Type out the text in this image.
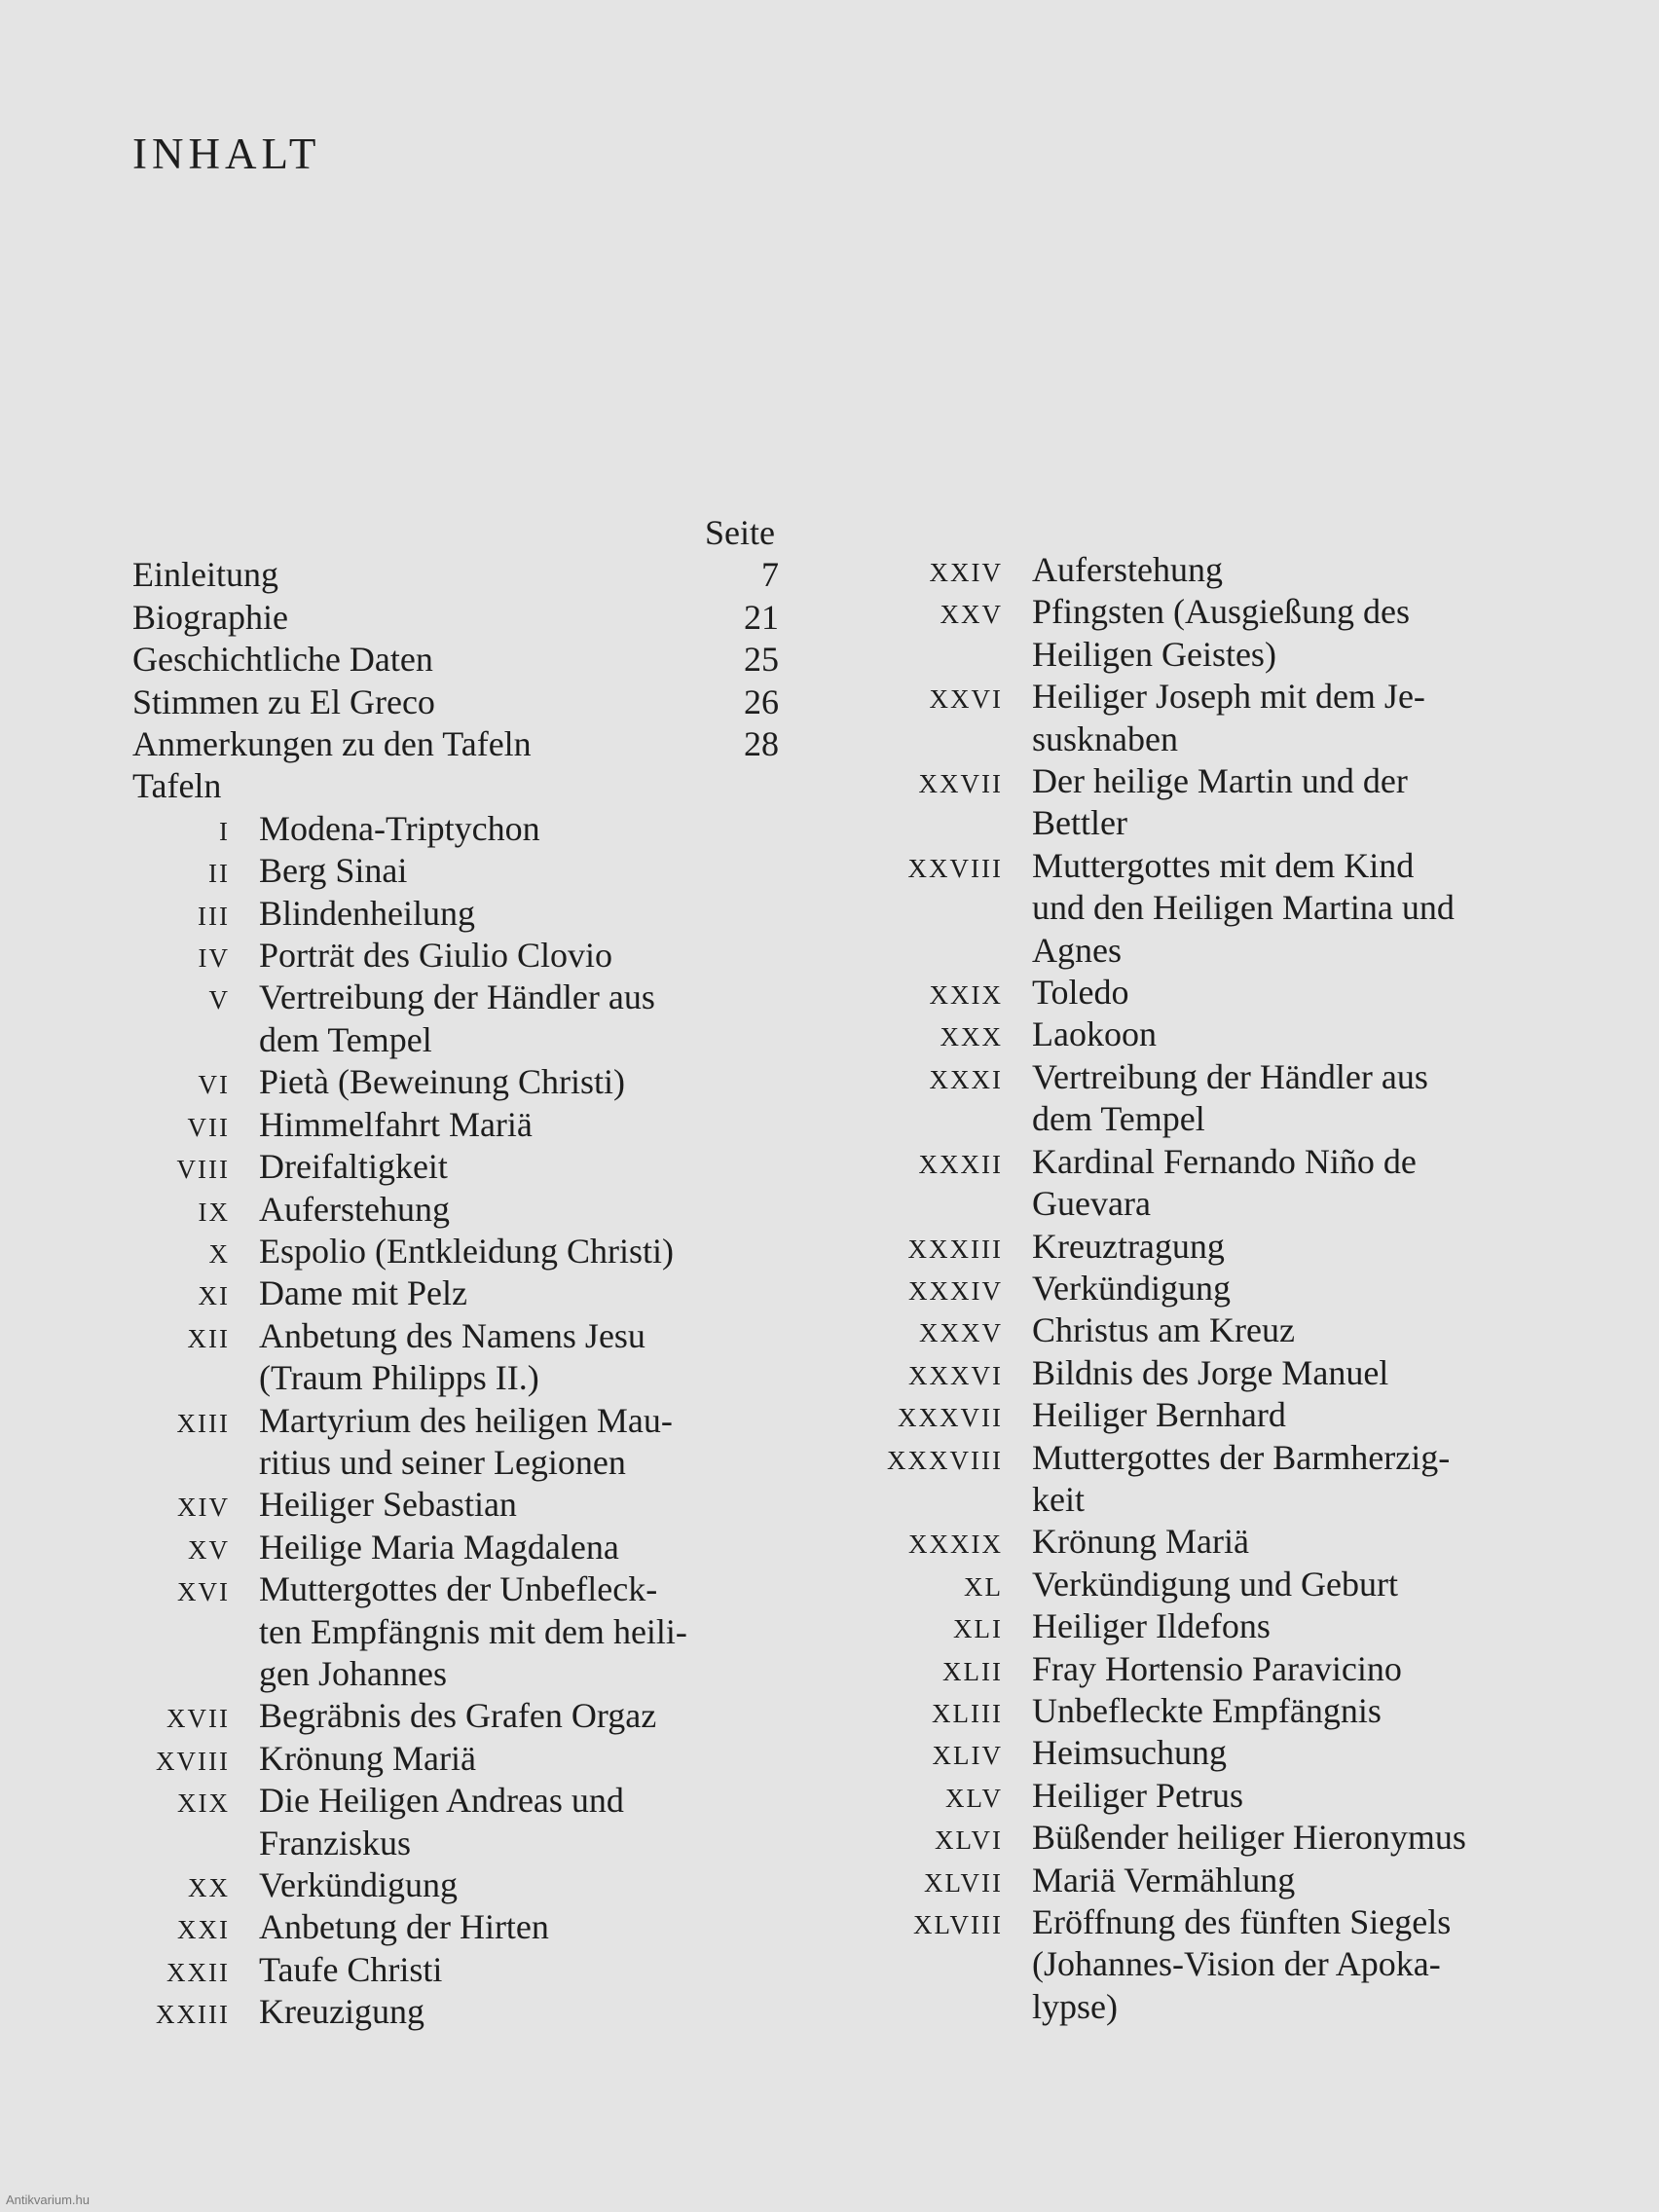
INHALT
Seite
Einleitung	7
Biographie	21
Geschichtliche Daten	25
Stimmen zu El Greco	26
Anmerkungen zu den Tafeln	28
Tafeln
I Modena-Triptychon
II Berg Sinai
III Blindenheilung
IV Porträt des Giulio Clovio
V Vertreibung der Händler aus
dem Tempel
VI Pietà (Beweinung Christi)
VII Himmelfahrt Mariä
VIII Dreifaltigkeit
IX Auferstehung
X Espolio (Entkleidung Christi)
XI Dame mit Pelz
XII Anbetung des Namens Jesu
(Traum Philipps II.)
XIII Martyrium des heiligen Mau-
ritius und seiner Legionen
XIV Heiliger Sebastian
XV Heilige Maria Magdalena
XVI Muttergottes der Unbefleck-
ten Empfängnis mit dem heili-
gen Johannes
XVII Begräbnis des Grafen Orgaz
XVIII Krönung Mariä
XIX Die Heiligen Andreas und
Franziskus
XX Verkündigung
XXI Anbetung der Hirten
XXII Taufe Christi
XXIII Kreuzigung
XXIV Auferstehung
XXV Pfingsten (Ausgießung des
Heiligen Geistes)
XXVI Heiliger Joseph mit dem Je-
susknaben
XXVII Der heilige Martin und der
Bettler
XXVIII Muttergottes mit dem Kind
und den Heiligen Martina und
Agnes
XXIX Toledo
XXX Laokoon
XXXI Vertreibung der Händler aus
dem Tempel
XXXII Kardinal Fernando Niño de
Guevara
XXXIII Kreuztragung
XXXIV Verkündigung
XXXV Christus am Kreuz
XXXVI Bildnis des Jorge Manuel
XXXVII Heiliger Bernhard
XXXVIII Muttergottes der Barmherzig-
keit
XXXIX Krönung Mariä
XL Verkündigung und Geburt
XLI Heiliger Ildefons
XLII Fray Hortensio Paravicino
XLIII Unbefleckte Empfängnis
XLIV Heimsuchung
XLV Heiliger Petrus
XLVI Büßender heiliger Hieronymus
XLVII Mariä Vermählung
XLVIII Eröffnung des fünften Siegels
(Johannes-Vision der Apoka-
lypse)
Antikvarium.hu
